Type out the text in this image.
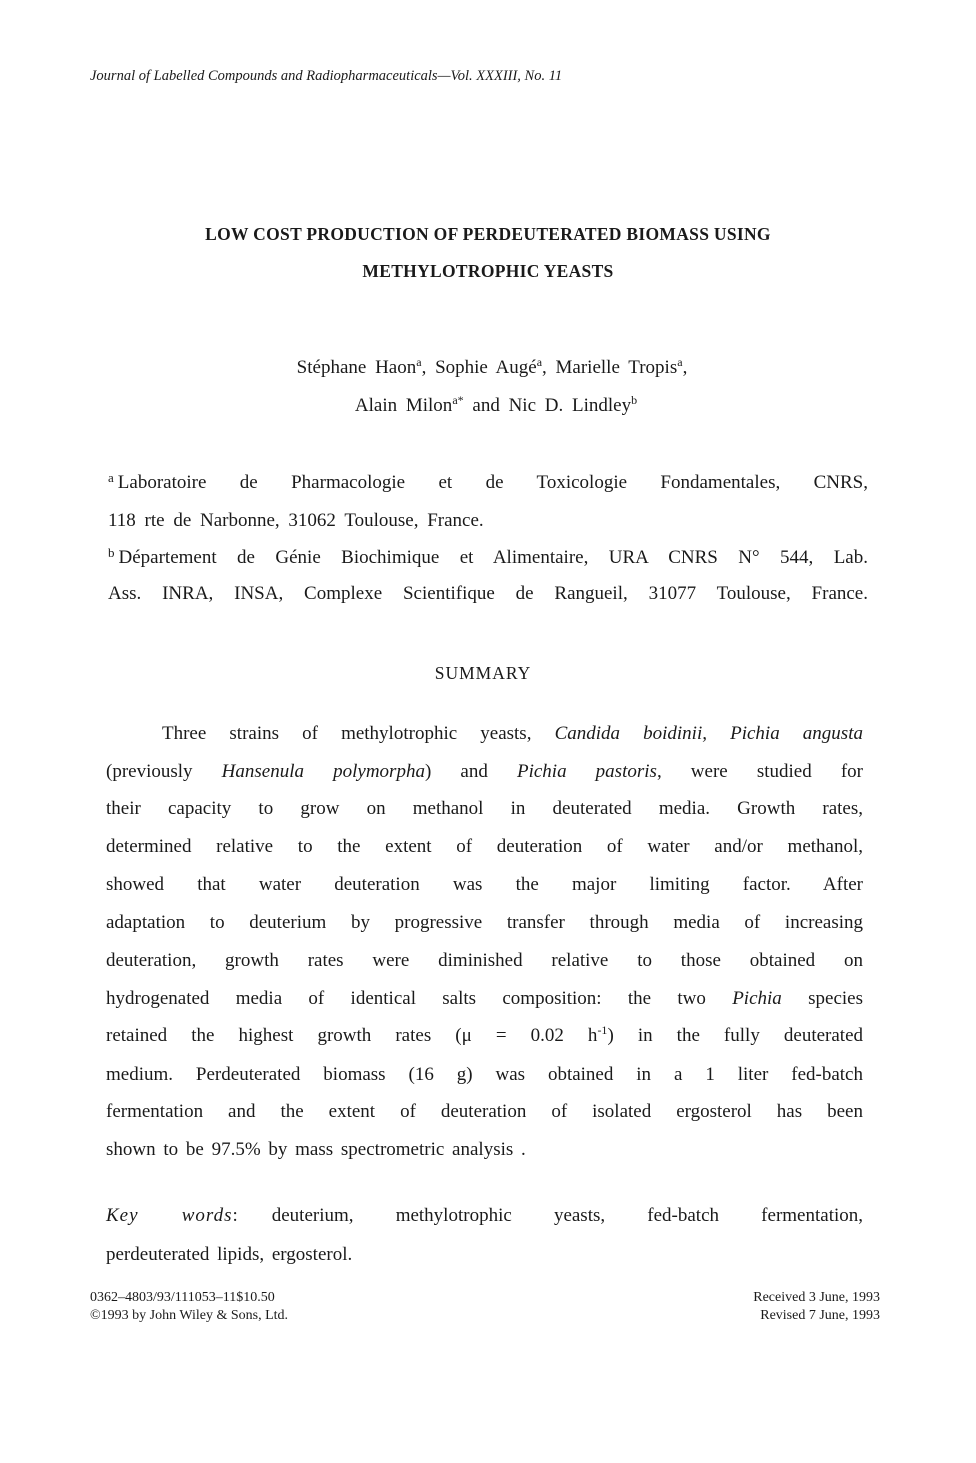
Journal of Labelled Compounds and Radiopharmaceuticals—Vol. XXXIII, No. 11
LOW COST PRODUCTION OF PERDEUTERATED BIOMASS USING
METHYLOTROPHIC YEASTS
Stéphane Haon$^a$, Sophie Augé$^a$, Marielle Tropis$^a$,
Alain Milon$^{a*}$ and Nic D. Lindley$^b$
$^a$ Laboratoire de Pharmacologie et de Toxicologie Fondamentales, CNRS,
118 rte de Narbonne, 31062 Toulouse, France.
$^b$ Département de Génie Biochimique et Alimentaire, URA CNRS N° 544, Lab.
Ass. INRA, INSA, Complexe Scientifique de Rangueil, 31077 Toulouse, France.
SUMMARY
Three strains of methylotrophic yeasts, Candida boidinii, Pichia angusta
(previously Hansenula polymorpha) and Pichia pastoris, were studied for
their capacity to grow on methanol in deuterated media. Growth rates,
determined relative to the extent of deuteration of water and/or methanol,
showed that water deuteration was the major limiting factor. After
adaptation to deuterium by progressive transfer through media of increasing
deuteration, growth rates were diminished relative to those obtained on
hydrogenated media of identical salts composition: the two Pichia species
retained the highest growth rates (μ = 0.02 $h^{-1}$) in the fully deuterated
medium. Perdeuterated biomass (16 g) was obtained in a 1 liter fed-batch
fermentation and the extent of deuteration of isolated ergosterol has been
shown to be 97.5% by mass spectrometric analysis .
Key words: deuterium, methylotrophic yeasts, fed-batch fermentation,
perdeuterated lipids, ergosterol.
0362–4803/93/111053–11$10.50
©1993 by John Wiley & Sons, Ltd.
Received 3 June, 1993
Revised 7 June, 1993
